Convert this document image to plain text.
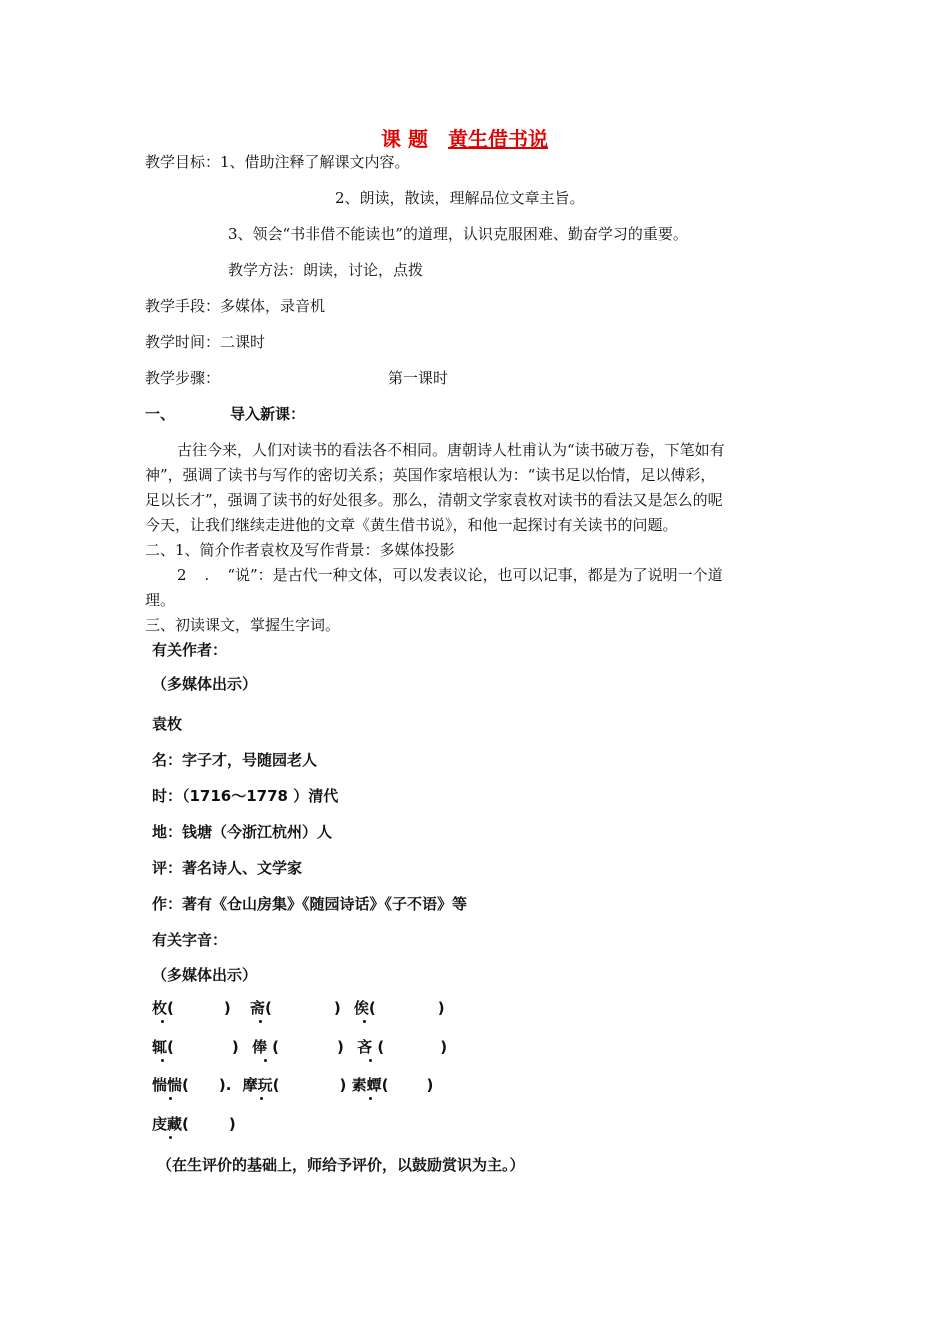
课 题 黄生借书说
教学目标：1、借助注释了解课文内容。
2、朗读，散读，理解品位文章主旨。
3、领会“书非借不能读也”的道理，认识克服困难、勤奋学习的重要。
教学方法：朗读，讨论，点拨
教学手段：多媒体，录音机
教学时间：二课时
教学步骤：	第一课时
一、	导入新课：
古往今来，人们对读书的看法各不相同。唐朝诗人杜甫认为“读书破万卷，下笔如有
神”，强调了读书与写作的密切关系；英国作家培根认为：“读书足以怡情，足以傅彩，
足以长才”，强调了读书的好处很多。那么，清朝文学家袁枚对读书的看法又是怎么的呢
今天，让我们继续走进他的文章《黄生借书说》，和他一起探讨有关读书的问题。
二、1、简介作者袁枚及写作背景：多媒体投影
2 . “说”：是古代一种文体，可以发表议论，也可以记事，都是为了说明一个道
理。
三、初读课文，掌握生字词。
有关作者：
（多媒体出示）
袁枚
名：字子才，号随园老人
时：（1716～1778 ）清代
地：钱塘（今浙江杭州）人
评：著名诗人、文学家
作：著有《仓山房集》《随园诗话》《子不语》等
有关字音：
（多媒体出示）
枚(	) 斋(	) 俟(	)
辄(	) 俸 (	) 吝 (	)
惴惴( ). 摩玩(	) 素蟫(	)
庋藏(	)
（在生评价的基础上，师给予评价，以鼓励赏识为主。）
